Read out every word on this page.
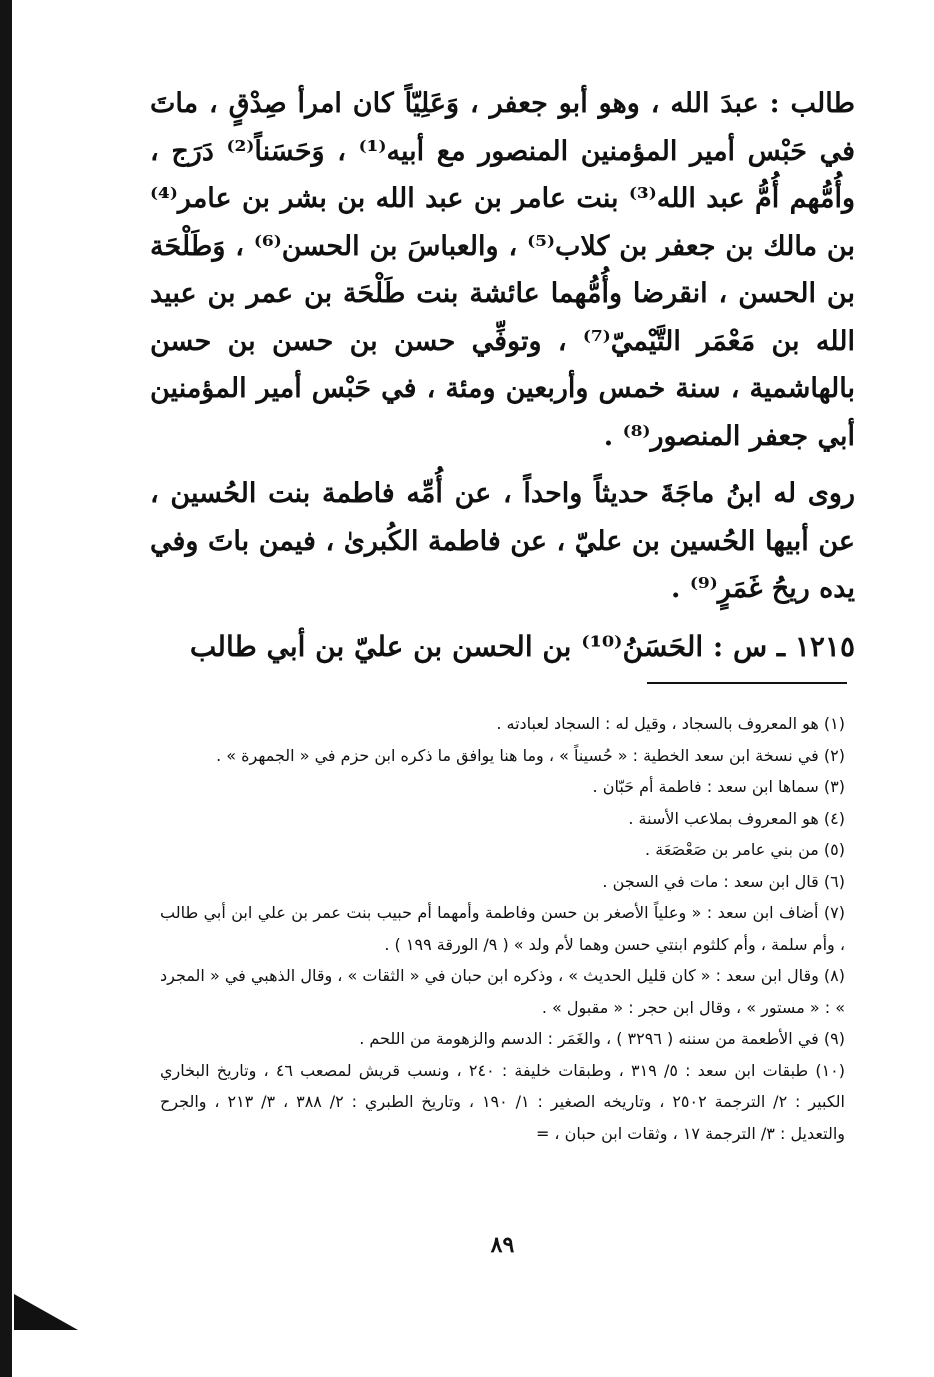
طالب : عبدَ الله ، وهو أبو جعفر ، وَعَلِيّاً كان امرأ صِدْقٍ ، ماتَ في حَبْس أمير المؤمنين المنصور مع أبيه⁽¹⁾ ، وَحَسَناً⁽²⁾ دَرَج ، وأُمُّهم أُمُّ عبد الله⁽³⁾ بنت عامر بن عبد الله بن بشر بن عامر⁽⁴⁾ بن مالك بن جعفر بن كلاب⁽⁵⁾ ، والعباسَ بن الحسن⁽⁶⁾ ، وَطَلْحَة بن الحسن ، انقرضا وأُمُّهما عائشة بنت طَلْحَة بن عمر بن عبيد الله بن مَعْمَر التَّيْميّ⁽⁷⁾ ، وتوفِّي حسن بن حسن بن حسن بالهاشمية ، سنة خمس وأربعين ومئة ، في حَبْس أمير المؤمنين أبي جعفر المنصور⁽⁸⁾ .

روى له ابنُ ماجَةَ حديثاً واحداً ، عن أُمِّه فاطمة بنت الحُسين ، عن أبيها الحُسين بن عليّ ، عن فاطمة الكُبرىٰ ، فيمن باتَ وفي يده ريحُ غَمَرٍ⁽⁹⁾ .

١٢١٥ ـ س : الحَسَنُ⁽¹⁰⁾ بن الحسن بن عليّ بن أبي طالب

(١) هو المعروف بالسجاد ، وقيل له : السجاد لعبادته .

(٢) في نسخة ابن سعد الخطية : « حُسيناً » ، وما هنا يوافق ما ذكره ابن حزم في « الجمهرة » .

(٣) سماها ابن سعد : فاطمة أم حَبّان .

(٤) هو المعروف بملاعب الأسنة .

(٥) من بني عامر بن صَعْصَعَة .

(٦) قال ابن سعد : مات في السجن .

(٧) أضاف ابن سعد : « وعلياً الأصغر بن حسن وفاطمة وأمهما أم حبيب بنت عمر بن علي ابن أبي طالب ، وأم سلمة ، وأم كلثوم ابنتي حسن وهما لأم ولد » ( ٩/ الورقة ١٩٩ ) .

(٨) وقال ابن سعد : « كان قليل الحديث » ، وذكره ابن حبان في « الثقات » ، وقال الذهبي في « المجرد » : « مستور » ، وقال ابن حجر : « مقبول » .

(٩) في الأطعمة من سننه ( ٣٢٩٦ ) ، والغَمَر : الدسم والزهومة من اللحم .

(١٠) طبقات ابن سعد : ٥/ ٣١٩ ، وطبقات خليفة : ٢٤٠ ، ونسب قريش لمصعب ٤٦ ، وتاريخ البخاري الكبير : ٢/ الترجمة ٢٥٠٢ ، وتاريخه الصغير : ١/ ١٩٠ ، وتاريخ الطبري : ٢/ ٣٨٨ ، ٣/ ٢١٣ ، والجرح والتعديل : ٣/ الترجمة ١٧ ، وثقات ابن حبان ، =

٨٩
